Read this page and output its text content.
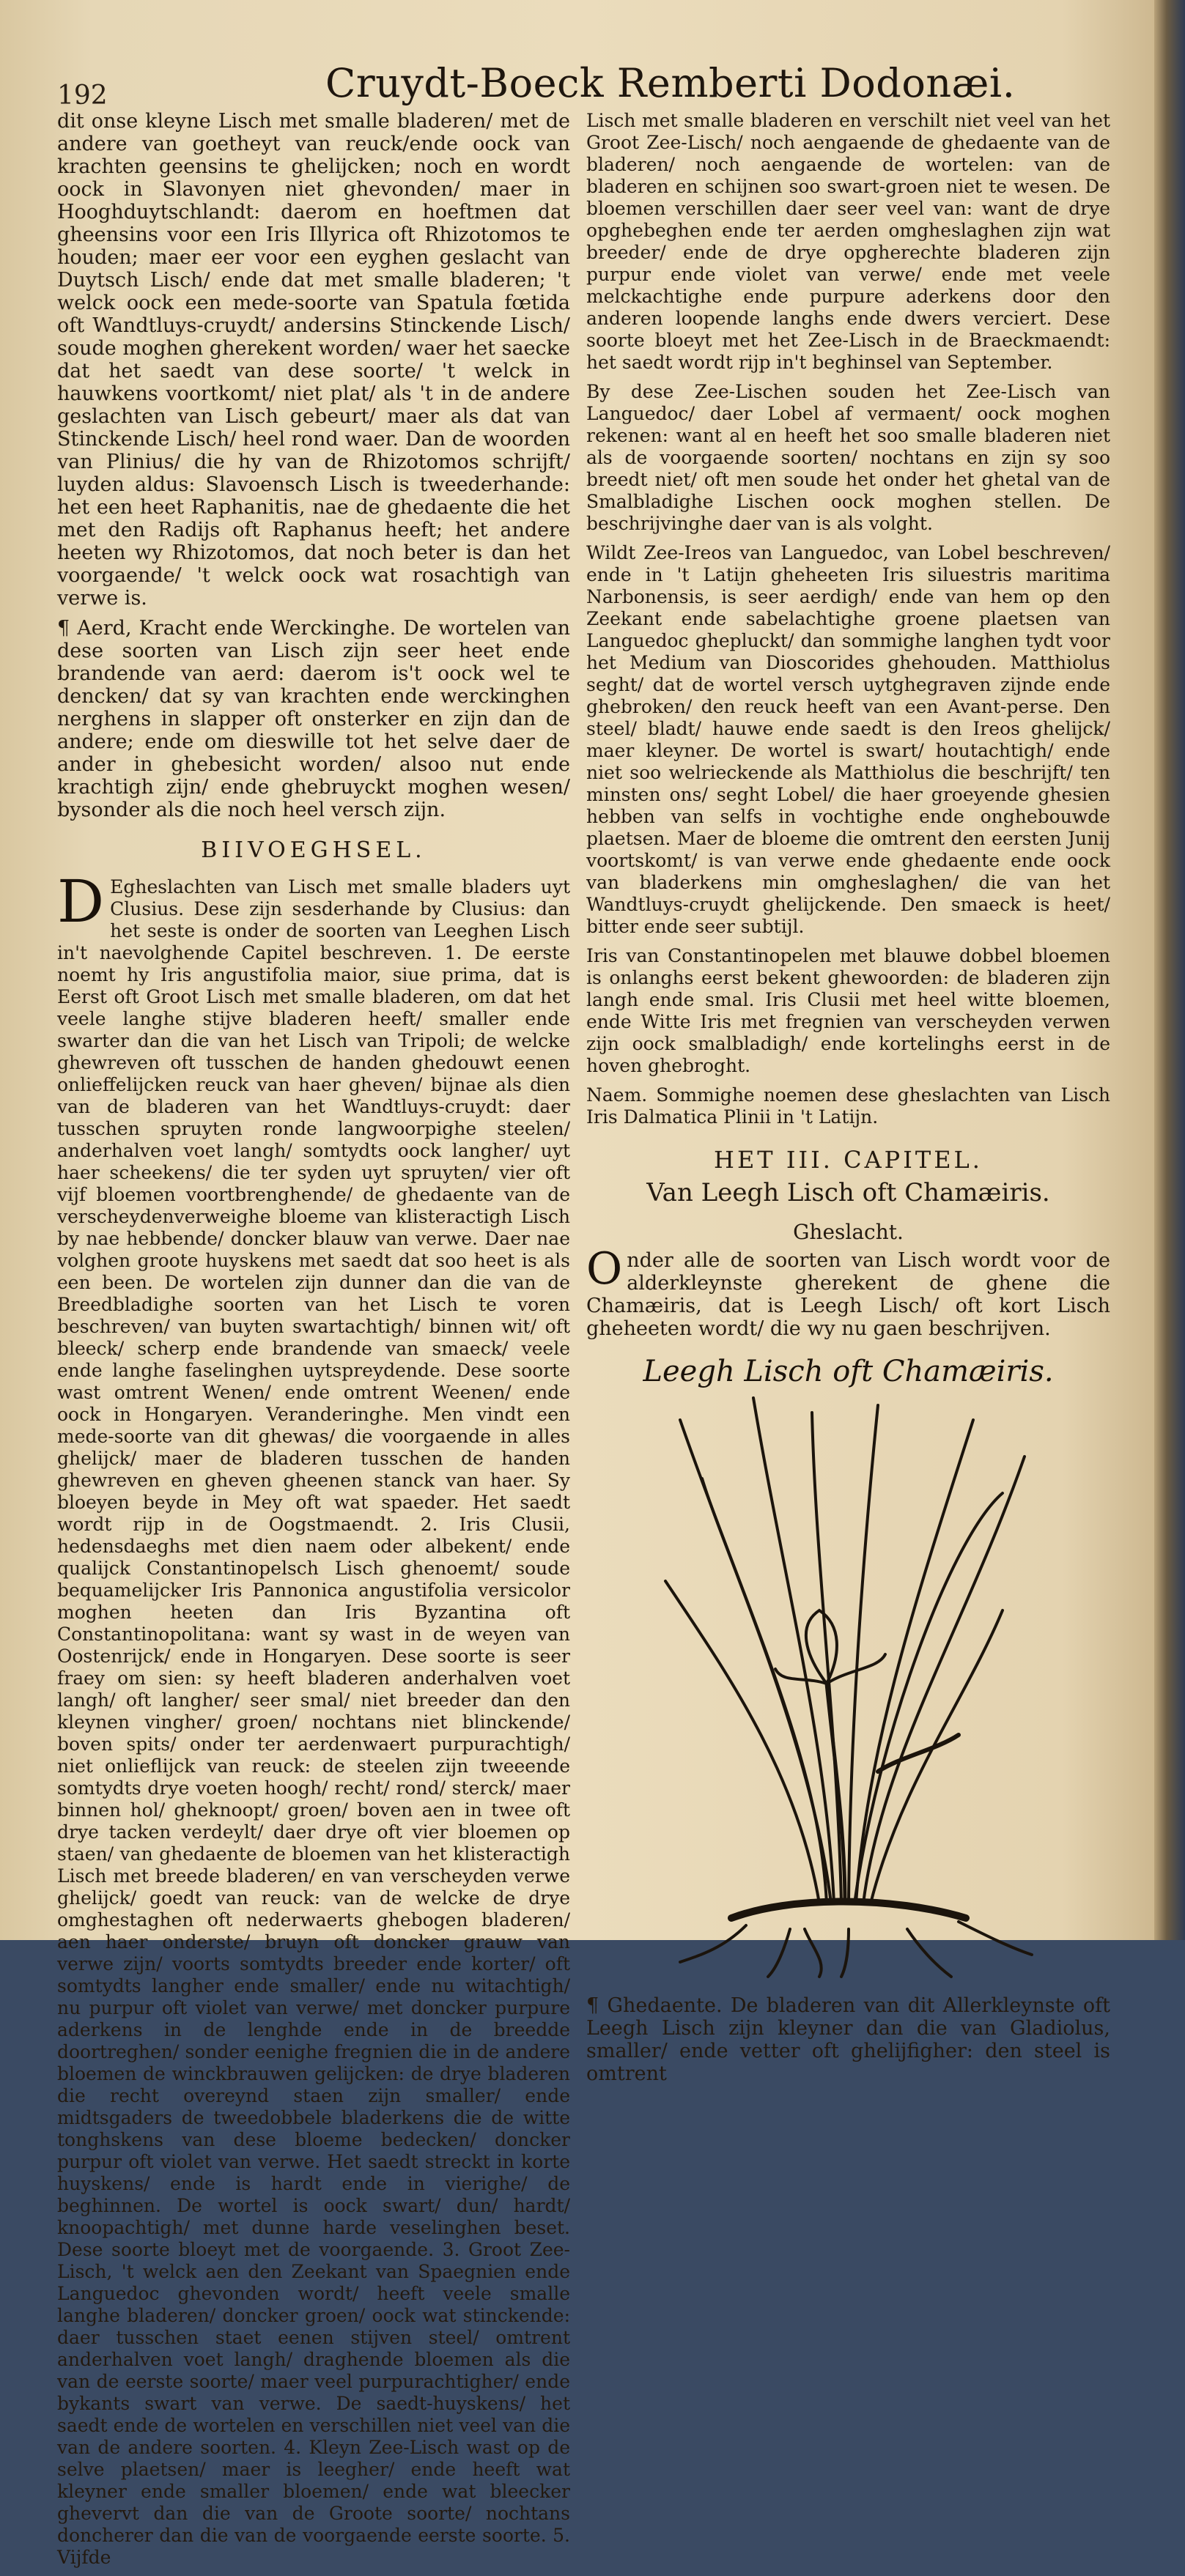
192	Cruydt-Boeck Remberti Dodonæi.

dit onse kleyne Lisch met smalle bladeren/ met de andere van goetheyt van reuck/ende oock van krachten geensins te ghelijcken; noch en wordt oock in Slavonyen niet ghevonden/ maer in Hooghduytschlandt: daerom en hoeftmen dat gheensins voor een Iris Illyrica oft Rhizotomos te houden; maer eer voor een eyghen geslacht van Duytsch Lisch/ ende dat met smalle bladeren; 't welck oock een mede-soorte van Spatula fœtida oft Wandtluys-cruydt/ andersins Stinckende Lisch/ soude moghen gherekent worden/ waer het saecke dat het saedt van dese soorte/ 't welck in hauwkens voortkomt/ niet plat/ als 't in de andere geslachten van Lisch gebeurt/ maer als dat van Stinckende Lisch/ heel rond waer. Dan de woorden van Plinius/ die hy van de Rhizotomos schrijft/ luyden aldus: Slavoensch Lisch is tweederhande: het een heet Raphanitis, nae de ghedaente die het met den Radijs oft Raphanus heeft; het andere heeten wy Rhizotomos, dat noch beter is dan het voorgaende/ 't welck oock wat rosachtigh van verwe is.

¶ Aerd, Kracht ende Werckinghe. De wortelen van dese soorten van Lisch zijn seer heet ende brandende van aerd: daerom is't oock wel te dencken/ dat sy van krachten ende werckinghen nerghens in slapper oft onsterker en zijn dan de andere; ende om dieswille tot het selve daer de ander in ghebesicht worden/ alsoo nut ende krachtigh zijn/ ende ghebruyckt moghen wesen/ bysonder als die noch heel versch zijn.

BIIVOEGHSEL.

D Egheslachten van Lisch met smalle bladers uyt Clusius. Dese zijn sesderhande by Clusius: dan het seste is onder de soorten van Leeghen Lisch in't naevolghende Capitel beschreven. 1. De eerste noemt hy Iris angustifolia maior, siue prima, dat is Eerst oft Groot Lisch met smalle bladeren, om dat het veele langhe stijve bladeren heeft/ smaller ende swarter dan die van het Lisch van Tripoli; de welcke ghewreven oft tusschen de handen ghedouwt eenen onlieffelijcken reuck van haer gheven/ bijnae als dien van de bladeren van het Wandtluys-cruydt: daer tusschen spruyten ronde langwoorpighe steelen/ anderhalven voet langh/ somtydts oock langher/ uyt haer scheekens/ die ter syden uyt spruyten/ vier oft vijf bloemen voortbrenghende/ de ghedaente van de verscheydenverweighe bloeme van klisteractigh Lisch by nae hebbende/ doncker blauw van verwe. Daer nae volghen groote huyskens met saedt dat soo heet is als een been. De wortelen zijn dunner dan die van de Breedbladighe soorten van het Lisch te voren beschreven/ van buyten swartachtigh/ binnen wit/ oft bleeck/ scherp ende brandende van smaeck/ veele ende langhe faselinghen uytspreydende. Dese soorte wast omtrent Wenen/ ende omtrent Weenen/ ende oock in Hongaryen. Veranderinghe. Men vindt een mede-soorte van dit ghewas/ die voorgaende in alles ghelijck/ maer de bladeren tusschen de handen ghewreven en gheven gheenen stanck van haer. Sy bloeyen beyde in Mey oft wat spaeder. Het saedt wordt rijp in de Oogstmaendt. 2. Iris Clusii, hedensdaeghs met dien naem oder albekent/ ende qualijck Constantinopelsch Lisch ghenoemt/ soude bequamelijcker Iris Pannonica angustifolia versicolor moghen heeten dan Iris Byzantina oft Constantinopolitana: want sy wast in de weyen van Oostenrijck/ ende in Hongaryen. Dese soorte is seer fraey om sien: sy heeft bladeren anderhalven voet langh/ oft langher/ seer smal/ niet breeder dan den kleynen vingher/ groen/ nochtans niet blinckende/ boven spits/ onder ter aerdenwaert purpurachtigh/ niet onlieflijck van reuck: de steelen zijn tweeende somtydts drye voeten hoogh/ recht/ rond/ sterck/ maer binnen hol/ gheknoopt/ groen/ boven aen in twee oft drye tacken verdeylt/ daer drye oft vier bloemen op staen/ van ghedaente de bloemen van het klisteractigh Lisch met breede bladeren/ en van verscheyden verwe ghelijck/ goedt van reuck: van de welcke de drye omghestaghen oft nederwaerts ghebogen bladeren/ aen haer onderste/ bruyn oft doncker grauw van verwe zijn/ voorts somtydts breeder ende korter/ oft somtydts langher ende smaller/ ende nu witachtigh/ nu purpur oft violet van verwe/ met doncker purpure aderkens in de lenghde ende in de breedde doortreghen/ sonder eenighe fregnien die in de andere bloemen de winckbrauwen gelijcken: de drye bladeren die recht overeynd staen zijn smaller/ ende midtsgaders de tweedobbele bladerkens die de witte tonghskens van dese bloeme bedecken/ doncker purpur oft violet van verwe. Het saedt streckt in korte huyskens/ ende is hardt ende in vierighe/ de beghinnen. De wortel is oock swart/ dun/ hardt/ knoopachtigh/ met dunne harde veselinghen beset. Dese soorte bloeyt met de voorgaende. 3. Groot Zee-Lisch, 't welck aen den Zeekant van Spaegnien ende Languedoc ghevonden wordt/ heeft veele smalle langhe bladeren/ doncker groen/ oock wat stinckende: daer tusschen staet eenen stijven steel/ omtrent anderhalven voet langh/ draghende bloemen als die van de eerste soorte/ maer veel purpurachtigher/ ende bykants swart van verwe. De saedt-huyskens/ het saedt ende de wortelen en verschillen niet veel van die van de andere soorten. 4. Kleyn Zee-Lisch wast op de selve plaetsen/ maer is leegher/ ende heeft wat kleyner ende smaller bloemen/ ende wat bleecker ghevervt dan die van de Groote soorte/ nochtans doncherer dan die van de voorgaende eerste soorte. 5. Vijfde

Lisch met smalle bladeren en verschilt niet veel van het Groot Zee-Lisch/ noch aengaende de ghedaente van de bladeren/ noch aengaende de wortelen: van de bladeren en schijnen soo swart-groen niet te wesen. De bloemen verschillen daer seer veel van: want de drye opghebeghen ende ter aerden omgheslaghen zijn wat breeder/ ende de drye opgherechte bladeren zijn purpur ende violet van verwe/ ende met veele melckachtighe ende purpure aderkens door den anderen loopende langhs ende dwers verciert. Dese soorte bloeyt met het Zee-Lisch in de Braeckmaendt: het saedt wordt rijp in't beghinsel van September.

By dese Zee-Lischen souden het Zee-Lisch van Languedoc/ daer Lobel af vermaent/ oock moghen rekenen: want al en heeft het soo smalle bladeren niet als de voorgaende soorten/ nochtans en zijn sy soo breedt niet/ oft men soude het onder het ghetal van de Smalbladighe Lischen oock moghen stellen. De beschrijvinghe daer van is als volght.

Wildt Zee-Ireos van Languedoc, van Lobel beschreven/ ende in 't Latijn gheheeten Iris siluestris maritima Narbonensis, is seer aerdigh/ ende van hem op den Zeekant ende sabelachtighe groene plaetsen van Languedoc ghepluckt/ dan sommighe langhen tydt voor het Medium van Dioscorides ghehouden. Matthiolus seght/ dat de wortel versch uytghegraven zijnde ende ghebroken/ den reuck heeft van een Avant-perse. Den steel/ bladt/ hauwe ende saedt is den Ireos ghelijck/ maer kleyner. De wortel is swart/ houtachtigh/ ende niet soo welrieckende als Matthiolus die beschrijft/ ten minsten ons/ seght Lobel/ die haer groeyende ghesien hebben van selfs in vochtighe ende onghebouwde plaetsen. Maer de bloeme die omtrent den eersten Junij voortskomt/ is van verwe ende ghedaente ende oock van bladerkens min omgheslaghen/ die van het Wandtluys-cruydt ghelijckende. Den smaeck is heet/ bitter ende seer subtijl.

Iris van Constantinopelen met blauwe dobbel bloemen is onlanghs eerst bekent ghewoorden: de bladeren zijn langh ende smal. Iris Clusii met heel witte bloemen, ende Witte Iris met fregnien van verscheyden verwen zijn oock smalbladigh/ ende kortelinghs eerst in de hoven ghebroght.

Naem. Sommighe noemen dese gheslachten van Lisch Iris Dalmatica Plinii in 't Latijn.

HET III. CAPITEL.
Van Leegh Lisch oft Chamæiris.
Gheslacht.

O nder alle de soorten van Lisch wordt voor de alderkleynste gherekent de ghene die Chamæiris, dat is Leegh Lisch/ oft kort Lisch gheheeten wordt/ die wy nu gaen beschrijven.

Leegh Lisch oft Chamæiris.

¶ Ghedaente. De bladeren van dit Allerkleynste oft Leegh Lisch zijn kleyner dan die van Gladiolus, smaller/ ende vetter oft ghelijfigher: den steel is omtrent
